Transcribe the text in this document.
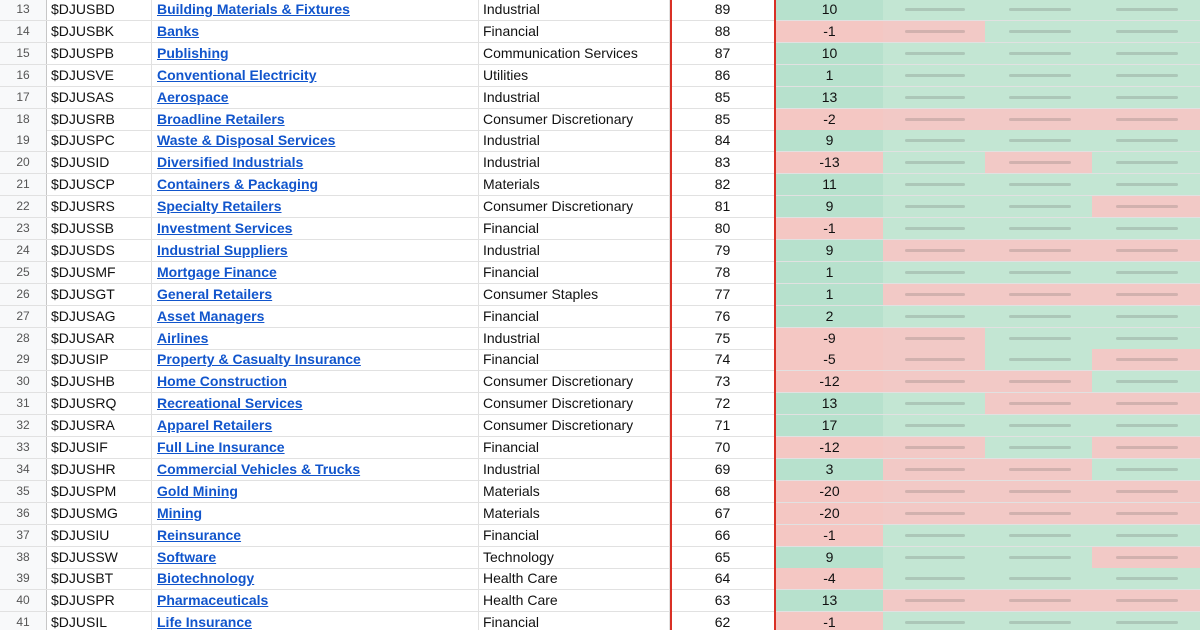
13	$DJUSBD	Building Materials & Fixtures	Industrial	89	10
14	$DJUSBK	Banks	Financial	88	-1
15	$DJUSPB	Publishing	Communication Services	87	10
16	$DJUSVE	Conventional Electricity	Utilities	86	1
17	$DJUSAS	Aerospace	Industrial	85	13
18	$DJUSRB	Broadline Retailers	Consumer Discretionary	85	-2
19	$DJUSPC	Waste & Disposal Services	Industrial	84	9
20	$DJUSID	Diversified Industrials	Industrial	83	-13
21	$DJUSCP	Containers & Packaging	Materials	82	11
22	$DJUSRS	Specialty Retailers	Consumer Discretionary	81	9
23	$DJUSSB	Investment Services	Financial	80	-1
24	$DJUSDS	Industrial Suppliers	Industrial	79	9
25	$DJUSMF	Mortgage Finance	Financial	78	1
26	$DJUSGT	General Retailers	Consumer Staples	77	1
27	$DJUSAG	Asset Managers	Financial	76	2
28	$DJUSAR	Airlines	Industrial	75	-9
29	$DJUSIP	Property & Casualty Insurance	Financial	74	-5
30	$DJUSHB	Home Construction	Consumer Discretionary	73	-12
31	$DJUSRQ	Recreational Services	Consumer Discretionary	72	13
32	$DJUSRA	Apparel Retailers	Consumer Discretionary	71	17
33	$DJUSIF	Full Line Insurance	Financial	70	-12
34	$DJUSHR	Commercial Vehicles & Trucks	Industrial	69	3
35	$DJUSPM	Gold Mining	Materials	68	-20
36	$DJUSMG	Mining	Materials	67	-20
37	$DJUSIU	Reinsurance	Financial	66	-1
38	$DJUSSW	Software	Technology	65	9
39	$DJUSBT	Biotechnology	Health Care	64	-4
40	$DJUSPR	Pharmaceuticals	Health Care	63	13
41	$DJUSIL	Life Insurance	Financial	62	-1
